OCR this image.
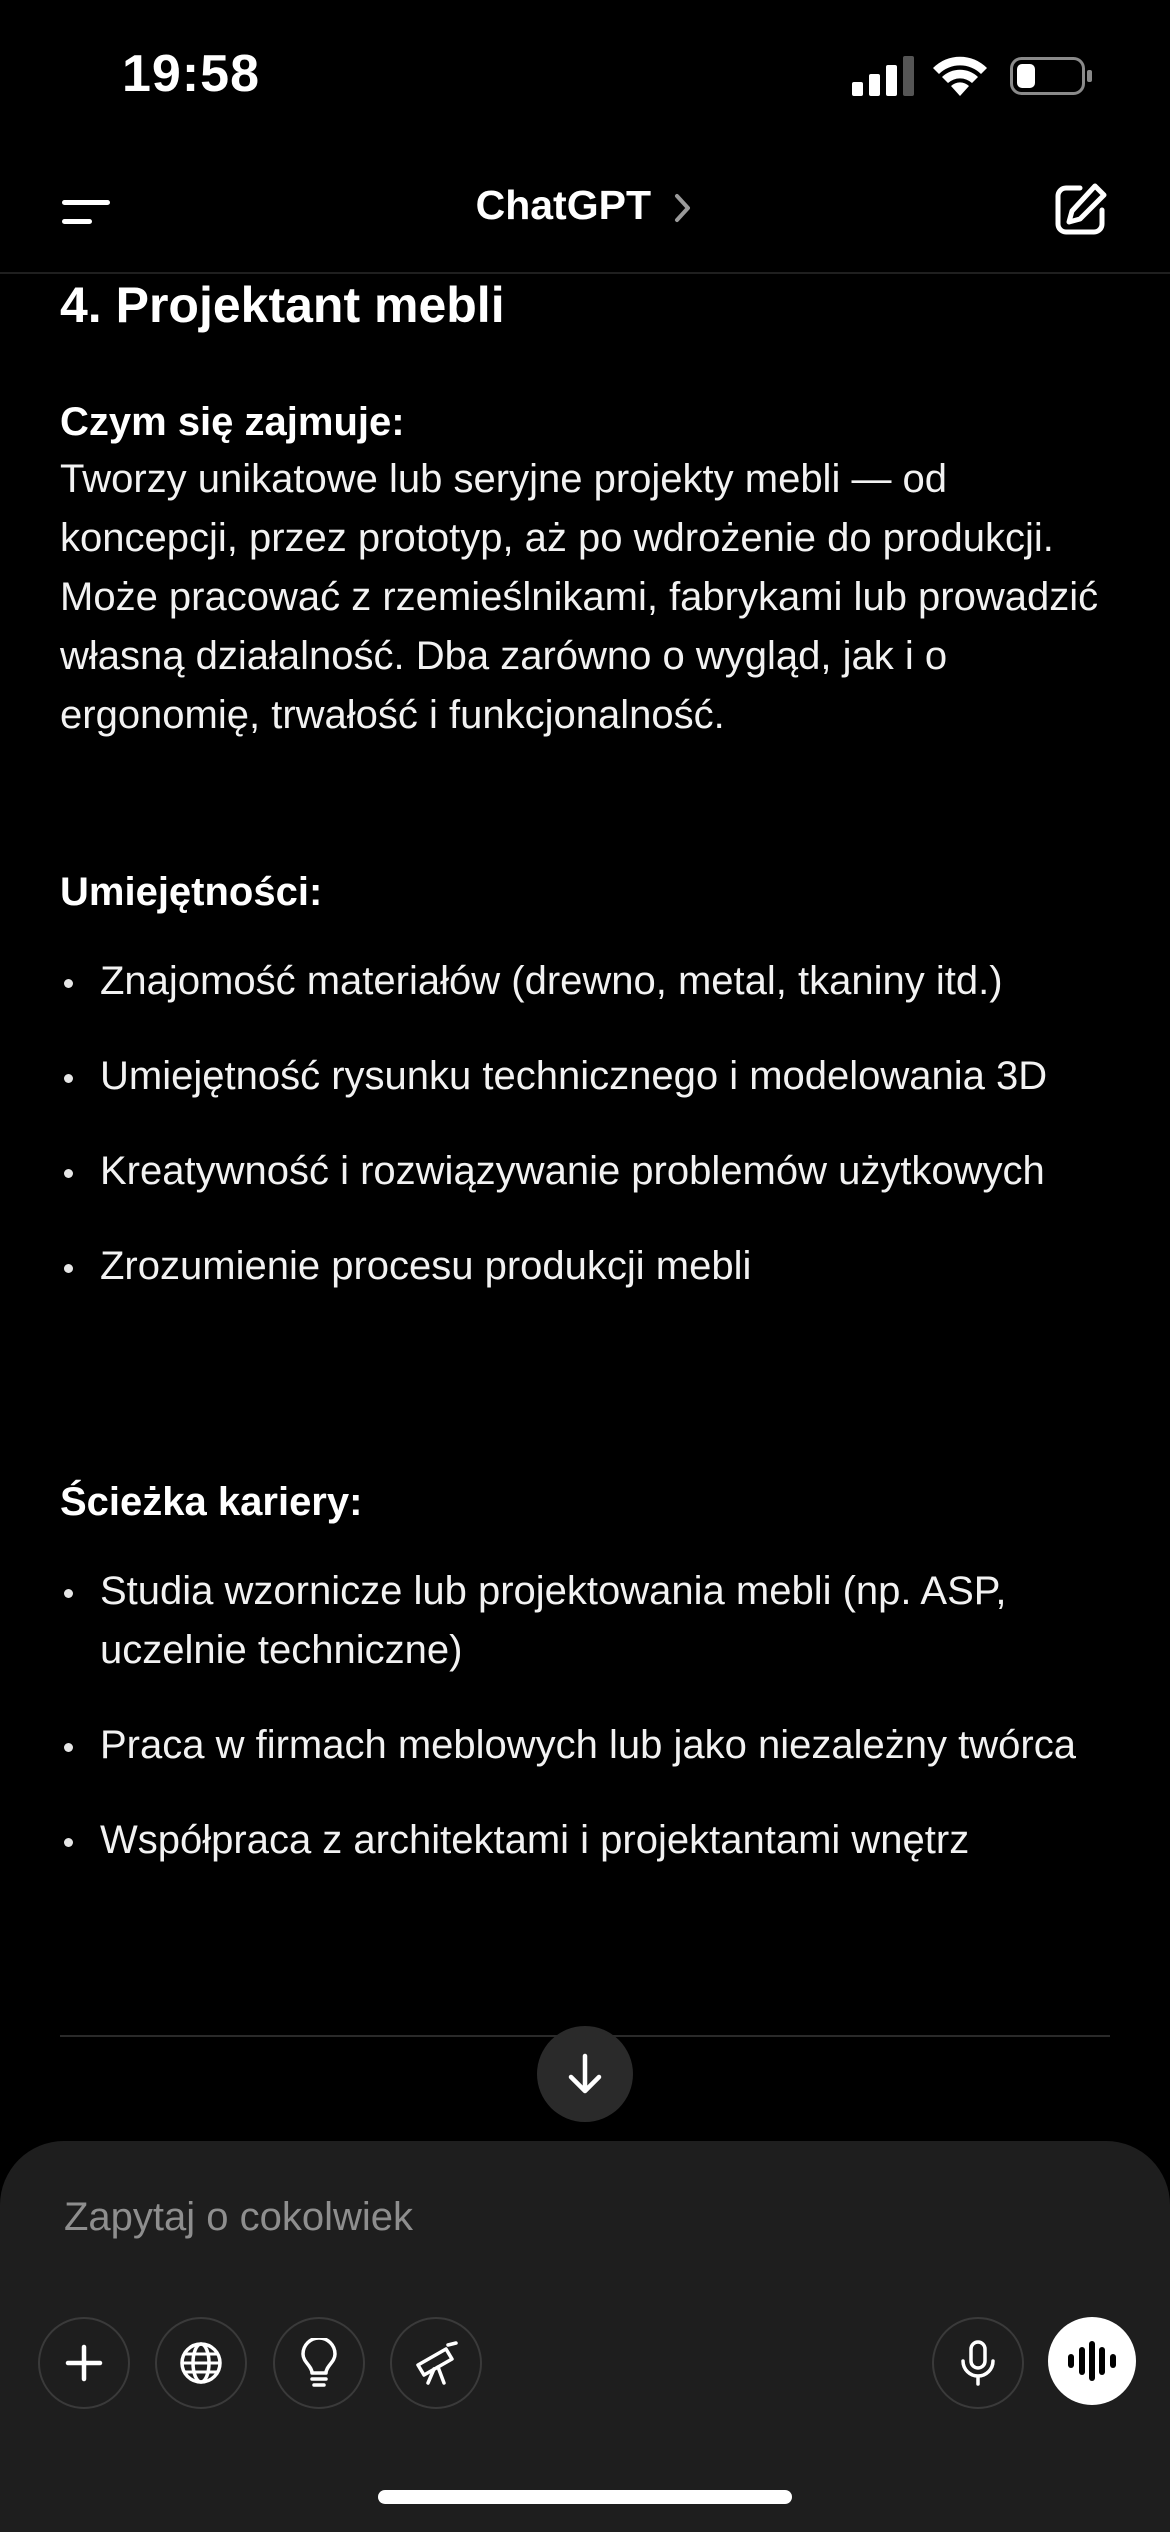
19:58
ChatGPT
4. Projektant mebli
Czym się zajmuje:
Tworzy unikatowe lub seryjne projekty mebli — od koncepcji, przez prototyp, aż po wdrożenie do produkcji. Może pracować z rzemieślnikami, fabrykami lub prowadzić własną działalność. Dba zarówno o wygląd, jak i o ergonomię, trwałość i funkcjonalność.
Umiejętności:
Znajomość materiałów (drewno, metal, tkaniny itd.)
Umiejętność rysunku technicznego i modelowania 3D
Kreatywność i rozwiązywanie problemów użytkowych
Zrozumienie procesu produkcji mebli
Ścieżka kariery:
Studia wzornicze lub projektowania mebli (np. ASP, uczelnie techniczne)
Praca w firmach meblowych lub jako niezależny twórca
Współpraca z architektami i projektantami wnętrz
Zapytaj o cokolwiek
